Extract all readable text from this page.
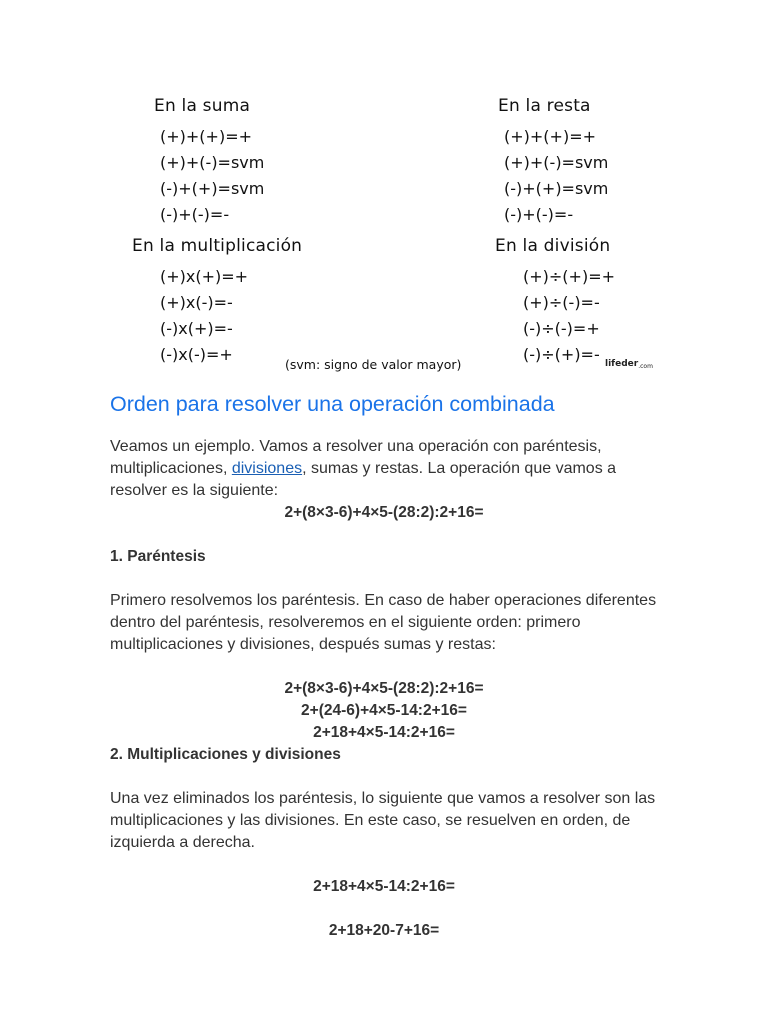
En la suma
(+)+(+)=+
(+)+(-)=svm
(-)+(+)=svm
(-)+(-)=-
En la resta
(+)+(+)=+
(+)+(-)=svm
(-)+(+)=svm
(-)+(-)=-
En la multiplicación
(+)x(+)=+
(+)x(-)=-
(-)x(+)=-
(-)x(-)=+
En la división
(+)÷(+)=+
(+)÷(-)=-
(-)÷(-)=+
(-)÷(+)=-
(svm: signo de valor mayor)	lifeder$_{.com}$
Orden para resolver una operación combinada

Veamos un ejemplo. Vamos a resolver una operación con paréntesis, multiplicaciones, divisiones, sumas y restas. La operación que vamos a resolver es la siguiente:

2+(8×3-6)+4×5-(28:2):2+16=
1. Paréntesis

Primero resolvemos los paréntesis. En caso de haber operaciones diferentes dentro del paréntesis, resolveremos en el siguiente orden: primero multiplicaciones y divisiones, después sumas y restas:

2+(8×3-6)+4×5-(28:2):2+16=
2+(24-6)+4×5-14:2+16=
2+18+4×5-14:2+16=
2. Multiplicaciones y divisiones

Una vez eliminados los paréntesis, lo siguiente que vamos a resolver son las multiplicaciones y las divisiones. En este caso, se resuelven en orden, de izquierda a derecha.

2+18+4×5-14:2+16=
2+18+20-7+16=
